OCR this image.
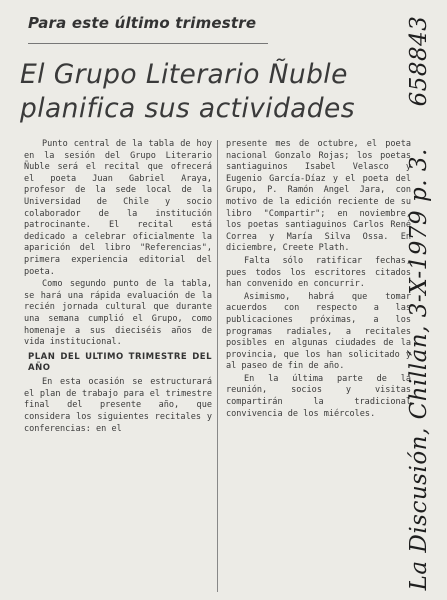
Para este último trimestre
El Grupo Literario Ñuble planifica sus actividades

Punto central de la tabla de hoy en la sesión del Grupo Literario Ñuble será el recital que ofrecerá el poeta Juan Gabriel Araya, profesor de la sede local de la Universidad de Chile y socio colaborador de la institución patrocinante. El recital está dedicado a celebrar oficialmente la aparición del libro "Referencias", primera experiencia editorial del poeta.

Como segundo punto de la tabla, se hará una rápida evaluación de la recién jornada cultural que durante una semana cumplió el Grupo, como homenaje a sus dieciséis años de vida institucional.

PLAN DEL ULTIMO TRIMESTRE DEL AÑO

En esta ocasión se estructurará el plan de trabajo para el trimestre final del presente año, que considera los siguientes recitales y conferencias: en el

presente mes de octubre, el poeta nacional Gonzalo Rojas; los poetas santiaguinos Isabel Velasco y Eugenio García-Díaz y el poeta del Grupo, P. Ramón Angel Jara, con motivo de la edición reciente de su libro "Compartir"; en noviembre, los poetas santiaguinos Carlos René Correa y María Silva Ossa. En diciembre, Creete Plath.

Falta sólo ratificar fechas, pues todos los escritores citados han convenido en concurrir.

Asimismo, habrá que tomar acuerdos con respecto a las publicaciones próximas, a los programas radiales, a recitales posibles en algunas ciudades de la provincia, que los han solicitado y al paseo de fin de año.

En la última parte de la reunión, socios y visitas compartirán la tradicional convivencia de los miércoles.	La Discusión, Chillán, 3-X-1979 p. 3. 658843
